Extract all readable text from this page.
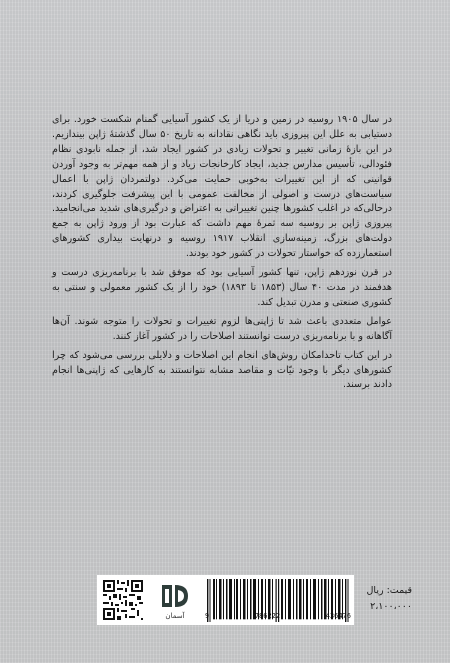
در سال ۱۹۰۵ روسیه در زمین و دریا از یک کشور آسیایی گمنام شکست خورد. برای دستیابی به علل این پیروزی باید نگاهی نقادانه به تاریخ ۵۰ سال گذشتهٔ ژاپن بیندازیم. در این بازهٔ زمانی تغییر و تحولات زیادی در کشور ایجاد شد، از جمله نابودی نظام فئودالی، تأسیس مدارس جدید، ایجاد کارخانجات زیاد و از همه مهم‌تر به وجود آوردن قوانینی که از این تغییرات به‌خوبی حمایت می‌کرد. دولتمردان ژاپن با اعمال سیاست‌های درست و اصولی از مخالفت عمومی با این پیشرفت جلوگیری کردند، درحالی‌که در اغلب کشورها چنین تغییراتی به اعتراض و درگیری‌های شدید می‌انجامید. پیروزی ژاپن بر روسیه سه ثمرهٔ مهم داشت که عبارت بود از ورود ژاپن به جمع دولت‌های بزرگ، زمینه‌سازی انقلاب ۱۹۱۷ روسیه و درنهایت بیداری کشورهای استعمارزده که خواستار تحولات در کشور خود بودند.

در قرن نوزدهم ژاپن، تنها کشور آسیایی بود که موفق شد با برنامه‌ریزی درست و هدفمند در مدت ۴۰ سال (۱۸۵۳ تا ۱۸۹۳) خود را از یک کشور معمولی و سنتی به کشوری صنعتی و مدرن تبدیل کند.

عوامل متعددی باعث شد تا ژاپنی‌ها لزوم تغییرات و تحولات را متوجه شوند. آن‌ها آگاهانه و با برنامه‌ریزی درست توانستند اصلاحات را در کشور آغاز کنند.

در این کتاب تاحدامکان روش‌های انجام این اصلاحات و دلایلی بررسی می‌شود که چرا کشورهای دیگر با وجود نیّات و مقاصد مشابه نتوانستند به کارهایی که ژاپنی‌ها انجام دادند برسند.

آسمان	9	786222	436476
قیمت: ریال
۲،۱۰۰،۰۰۰
